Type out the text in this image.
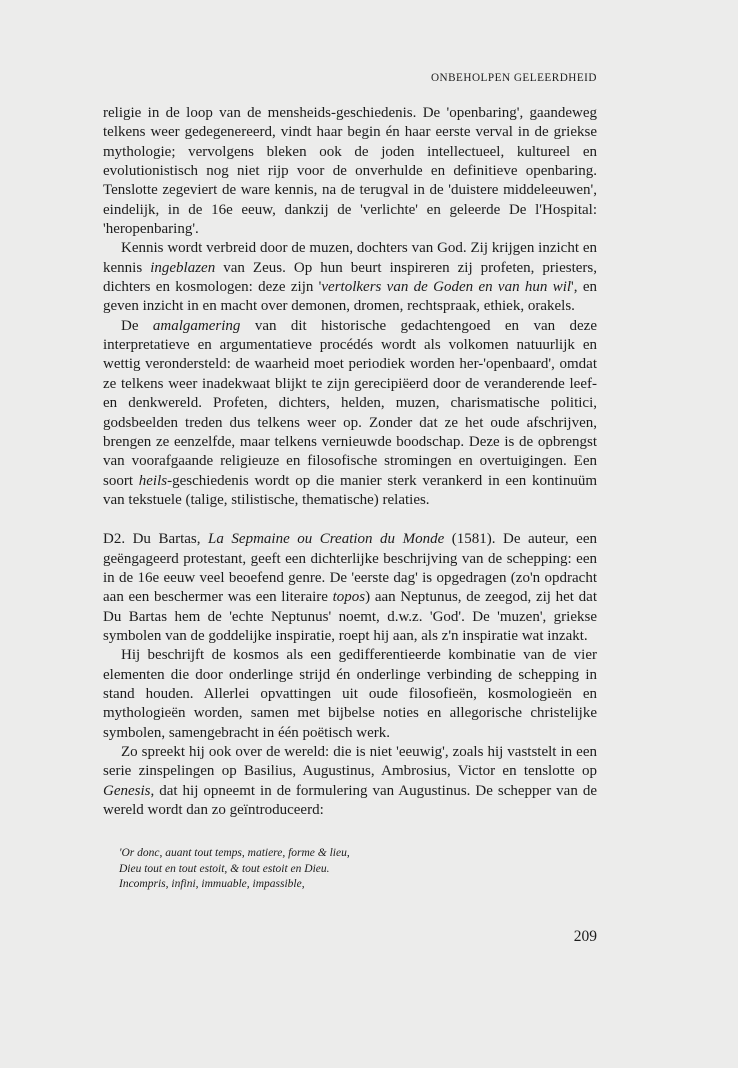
ONBEHOLPEN GELEERDHEID

religie in de loop van de mensheids-geschiedenis. De 'openbaring', gaandeweg telkens weer gedegenereerd, vindt haar begin én haar eerste verval in de griekse mythologie; vervolgens bleken ook de joden intellectueel, kultureel en evolutionistisch nog niet rijp voor de onverhulde en definitieve openbaring. Tenslotte zegeviert de ware kennis, na de terugval in de 'duistere middeleeuwen', eindelijk, in de 16e eeuw, dankzij de 'verlichte' en geleerde De l'Hospital: 'heropenbaring'.

Kennis wordt verbreid door de muzen, dochters van God. Zij krijgen inzicht en kennis ingeblazen van Zeus. Op hun beurt inspireren zij profeten, priesters, dichters en kosmologen: deze zijn 'vertolkers van de Goden en van hun wil', en geven inzicht in en macht over demonen, dromen, rechtspraak, ethiek, orakels.

De amalgamering van dit historische gedachtengoed en van deze interpretatieve en argumentatieve procédés wordt als volkomen natuurlijk en wettig verondersteld: de waarheid moet periodiek worden her-'openbaard', omdat ze telkens weer inadekwaat blijkt te zijn gerecipiëerd door de veranderende leef- en denkwereld. Profeten, dichters, helden, muzen, charismatische politici, godsbeelden treden dus telkens weer op. Zonder dat ze het oude afschrijven, brengen ze eenzelfde, maar telkens vernieuwde boodschap. Deze is de opbrengst van voorafgaande religieuze en filosofische stromingen en overtuigingen. Een soort heils-geschiedenis wordt op die manier sterk verankerd in een kontinuüm van tekstuele (talige, stilistische, thematische) relaties.

D2. Du Bartas, La Sepmaine ou Creation du Monde (1581). De auteur, een geëngageerd protestant, geeft een dichterlijke beschrijving van de schepping: een in de 16e eeuw veel beoefend genre. De 'eerste dag' is opgedragen (zo'n opdracht aan een beschermer was een literaire topos) aan Neptunus, de zeegod, zij het dat Du Bartas hem de 'echte Neptunus' noemt, d.w.z. 'God'. De 'muzen', griekse symbolen van de goddelijke inspiratie, roept hij aan, als z'n inspiratie wat inzakt.

Hij beschrijft de kosmos als een gedifferentieerde kombinatie van de vier elementen die door onderlinge strijd én onderlinge verbinding de schepping in stand houden. Allerlei opvattingen uit oude filosofieën, kosmologieën en mythologieën worden, samen met bijbelse noties en allegorische christelijke symbolen, samengebracht in één poëtisch werk.

Zo spreekt hij ook over de wereld: die is niet 'eeuwig', zoals hij vaststelt in een serie zinspelingen op Basilius, Augustinus, Ambrosius, Victor en tenslotte op Genesis, dat hij opneemt in de formulering van Augustinus. De schepper van de wereld wordt dan zo geïntroduceerd:

'Or donc, auant tout temps, matiere, forme & lieu,
Dieu tout en tout estoit, & tout estoit en Dieu.
Incompris, infini, immuable, impassible,
209
